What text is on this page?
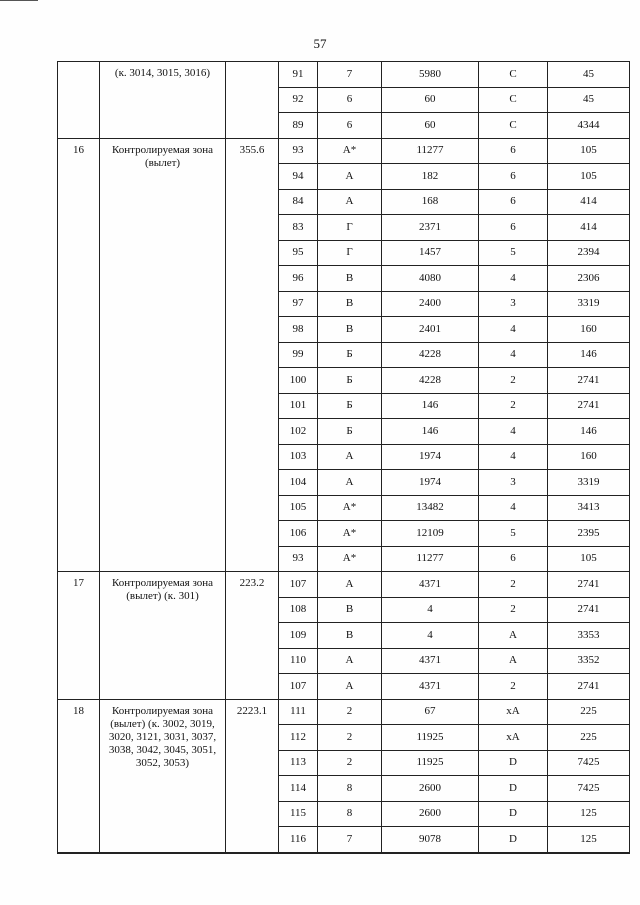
57
	(к. 3014, 3015, 3016)		91	7	5980	C	45
			92	6	60	C	45
			89	6	60	C	4344
16	Контролируемая зона (вылет)	355.6	93	A*	11277	6	105
			94	A	182	6	105
			84	A	168	6	414
			83	Г	2371	6	414
			95	Г	1457	5	2394
			96	B	4080	4	2306
			97	B	2400	3	3319
			98	B	2401	4	160
			99	Б	4228	4	146
			100	Б	4228	2	2741
			101	Б	146	2	2741
			102	Б	146	4	146
			103	A	1974	4	160
			104	A	1974	3	3319
			105	A*	13482	4	3413
			106	A*	12109	5	2395
			93	A*	11277	6	105
17	Контролируемая зона (вылет) (к. 301)	223.2	107	A	4371	2	2741
			108	B	4	2	2741
			109	B	4	A	3353
			110	A	4371	A	3352
			107	A	4371	2	2741
18	Контролируемая зона (вылет) (к. 3002, 3019, 3020, 3121, 3031, 3037, 3038, 3042, 3045, 3051, 3052, 3053)	2223.1	111	2	67	xA	225
			112	2	11925	xA	225
			113	2	11925	D	7425
			114	8	2600	D	7425
			115	8	2600	D	125
			116	7	9078	D	125
